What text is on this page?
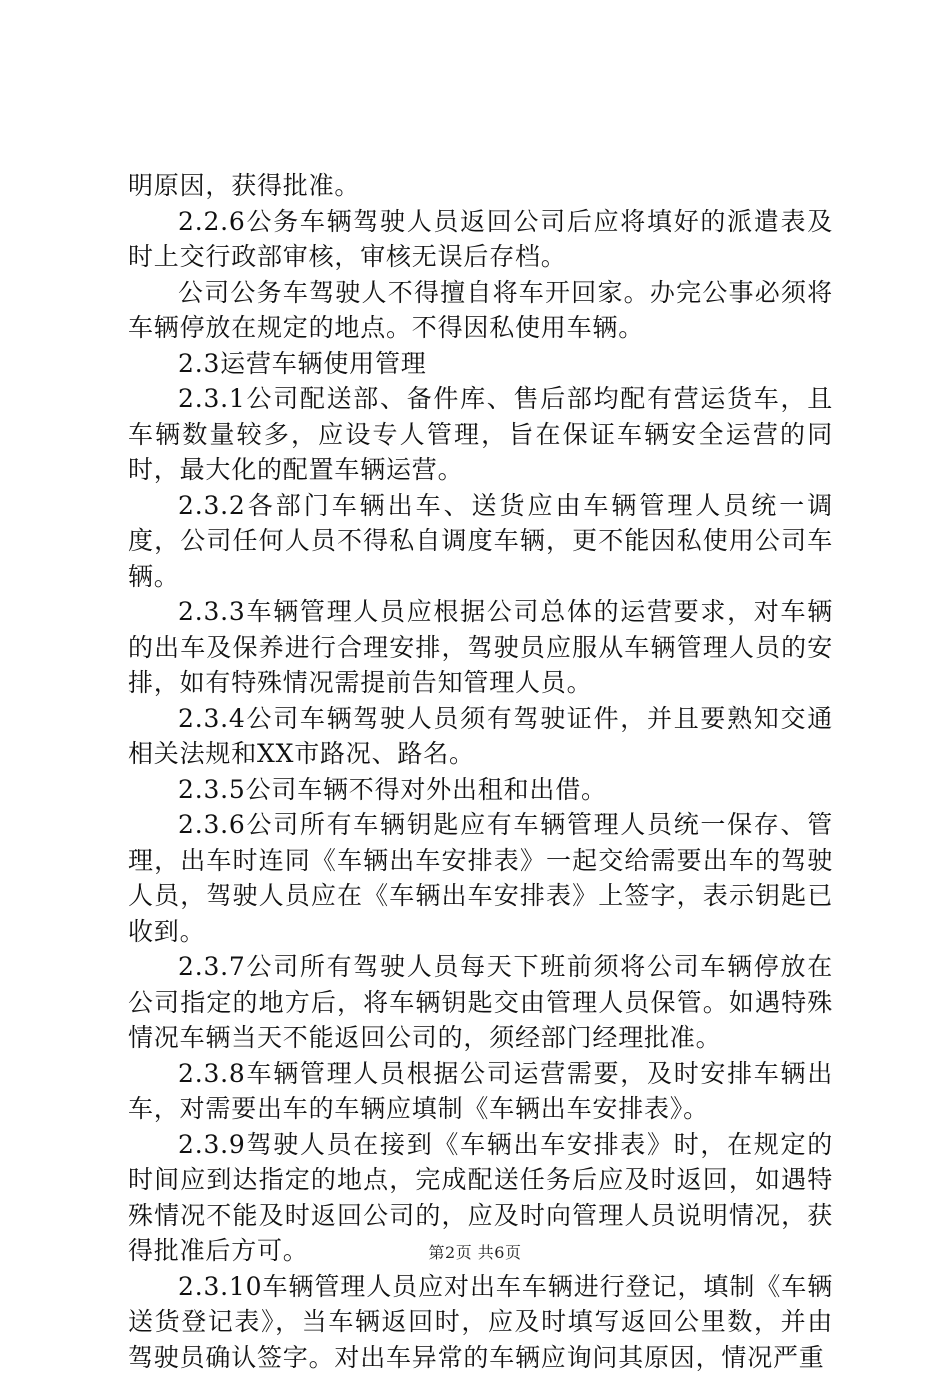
明原因，获得批准。

2.2.6公务车辆驾驶人员返回公司后应将填好的派遣表及时上交行政部审核，审核无误后存档。

公司公务车驾驶人不得擅自将车开回家。办完公事必须将车辆停放在规定的地点。不得因私使用车辆。

2.3运营车辆使用管理

2.3.1公司配送部、备件库、售后部均配有营运货车，且车辆数量较多，应设专人管理，旨在保证车辆安全运营的同时，最大化的配置车辆运营。

2.3.2各部门车辆出车、送货应由车辆管理人员统一调度，公司任何人员不得私自调度车辆，更不能因私使用公司车辆。

2.3.3车辆管理人员应根据公司总体的运营要求，对车辆的出车及保养进行合理安排，驾驶员应服从车辆管理人员的安排，如有特殊情况需提前告知管理人员。

2.3.4公司车辆驾驶人员须有驾驶证件，并且要熟知交通相关法规和XX市路况、路名。

2.3.5公司车辆不得对外出租和出借。

2.3.6公司所有车辆钥匙应有车辆管理人员统一保存、管理，出车时连同《车辆出车安排表》一起交给需要出车的驾驶人员，驾驶人员应在《车辆出车安排表》上签字，表示钥匙已收到。

2.3.7公司所有驾驶人员每天下班前须将公司车辆停放在公司指定的地方后，将车辆钥匙交由管理人员保管。如遇特殊情况车辆当天不能返回公司的，须经部门经理批准。

2.3.8车辆管理人员根据公司运营需要，及时安排车辆出车，对需要出车的车辆应填制《车辆出车安排表》。

2.3.9驾驶人员在接到《车辆出车安排表》时，在规定的时间应到达指定的地点，完成配送任务后应及时返回，如遇特殊情况不能及时返回公司的，应及时向管理人员说明情况，获得批准后方可。

2.3.10车辆管理人员应对出车车辆进行登记，填制《车辆送货登记表》，当车辆返回时，应及时填写返回公里数，并由驾驶员确认签字。对出车异常的车辆应询问其原因，情况严重

第2页 共6页
